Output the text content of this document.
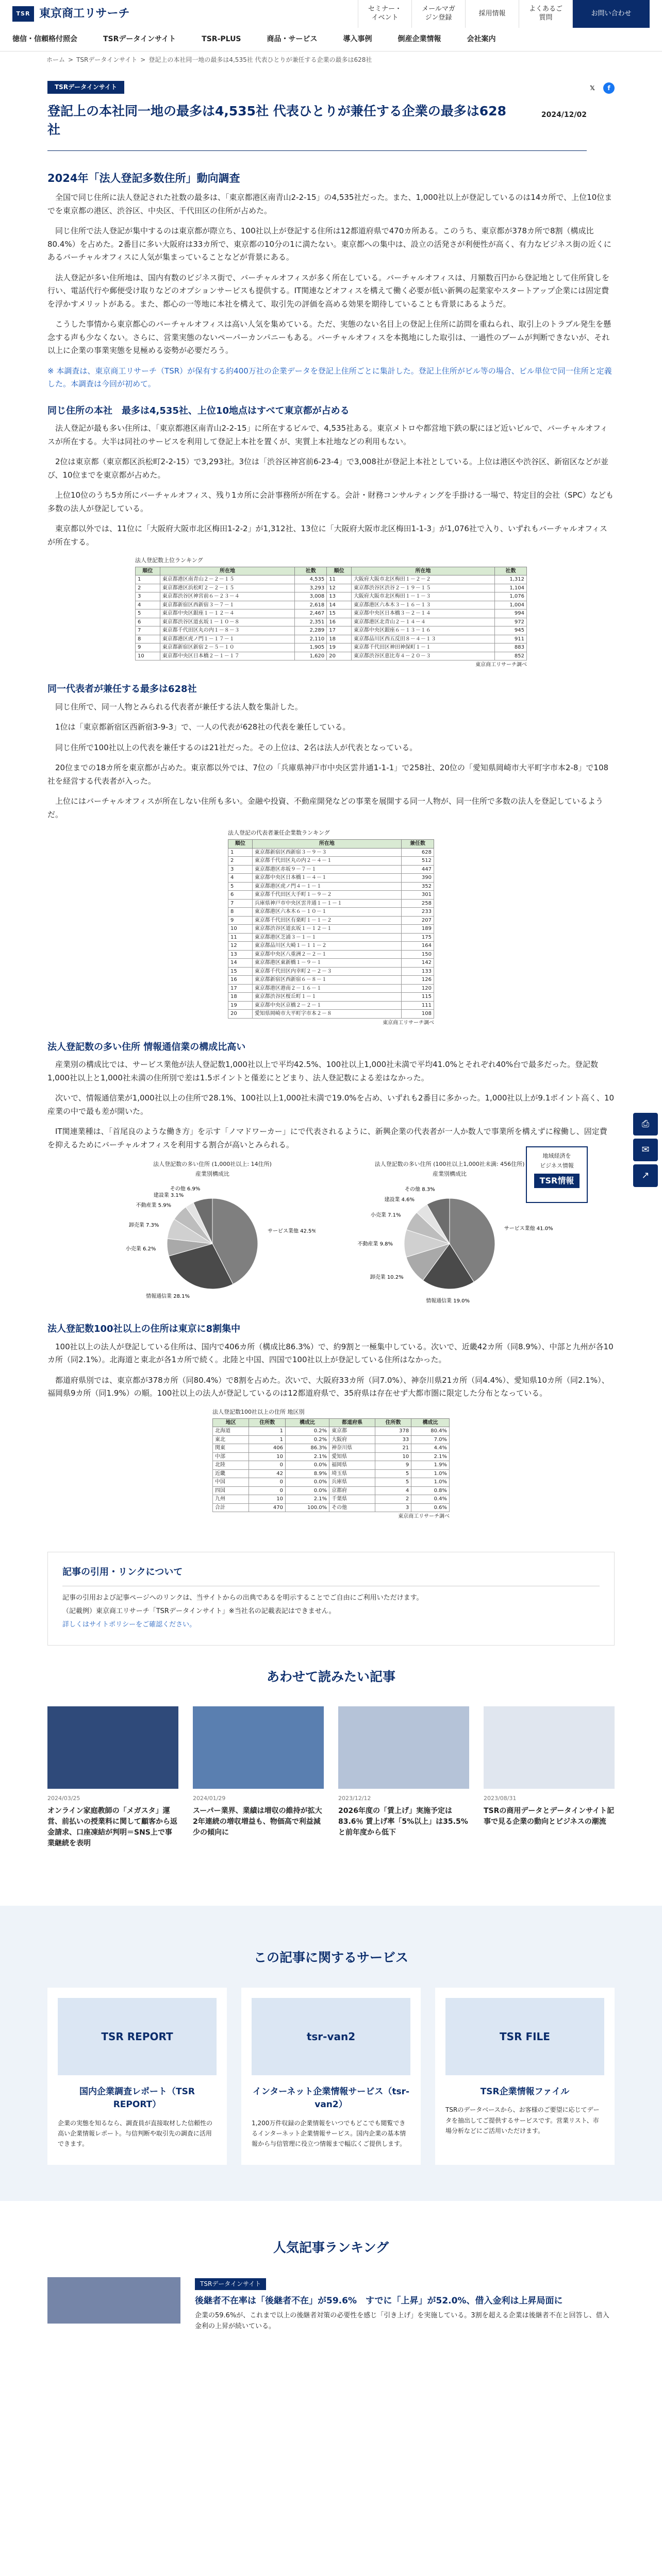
TSR 東京商工リサーチ	セミナー・イベント
メールマガジン登録
採用情報
よくあるご質問
お問い合わせ
徳信・信頼格付照会	TSRデータインサイト	TSR-PLUS	商品・サービス	導入事例	倒産企業情報	会社案内
ホーム > TSRデータインサイト > 登記上の本社同一地の最多は4,535社 代表ひとりが兼任する企業の最多は628社
TSRデータインサイト	𝕏	f
登記上の本社同一地の最多は4,535社 代表ひとりが兼任する企業の最多は628社
2024/12/02
2024年「法人登記多数住所」動向調査

全国で同じ住所に法人登記された社数の最多は、「東京都港区南青山2-2-15」の4,535社だった。また、1,000社以上が登記しているのは14カ所で、上位10位までを東京都の港区、渋谷区、中央区、千代田区の住所が占めた。

同じ住所で法人登記が集中するのは東京都が際立ち、100社以上が登記する住所は12都道府県で470カ所ある。このうち、東京都が378カ所で8割（構成比80.4%）を占めた。2番目に多い大阪府は33カ所で、東京都の10分の1に満たない。東京都への集中は、設立の活発さが利便性が高く、有力なビジネス街の近くにあるバーチャルオフィスに人気が集まっていることなどが背景にある。

法人登記が多い住所地は、国内有数のビジネス街で、バーチャルオフィスが多く所在している。バーチャルオフィスは、月額数百円から登記地として住所貸しを行い、電話代行や郵便受け取りなどのオプションサービスも提供する。IT関連などオフィスを構えて働く必要が低い新興の起業家やスタートアップ企業には固定費を浮かすメリットがある。また、都心の一等地に本社を構えて、取引先の評価を高める効果を期待していることも背景にあるようだ。

こうした事情から東京都心のバーチャルオフィスは高い人気を集めている。ただ、実態のない名目上の登記上住所に訪問を重ねられ、取引上のトラブル発生を懸念する声も少なくない。さらに、営業実態のないペーパーカンパニーもある。バーチャルオフィスを本拠地にした取引は、一過性のブームが判断できないが、それ以上に企業の事業実態を見極める姿勢が必要だろう。

※ 本調査は、東京商工リサーチ（TSR）が保有する約400万社の企業データを登記上住所ごとに集計した。登記上住所がビル等の場合、ビル単位で同一住所と定義した。本調査は今回が初めて。
同じ住所の本社　最多は4,535社、上位10地点はすべて東京都が占める

法人登記が最も多い住所は、「東京都港区南青山2-2-15」に所在するビルで、4,535社ある。東京メトロや都営地下鉄の駅にほど近いビルで、バーチャルオフィスが所在する。大半は同社のサービスを利用して登記上本社を置くが、実質上本社地などの利用もない。

2位は東京都（東京都区浜松町2-2-15）で3,293社。3位は「渋谷区神宮前6-23-4」で3,008社が登記上本社としている。上位は港区や渋谷区、新宿区などが並び、10位までを東京都が占めた。

上位10位のうち5カ所にバーチャルオフィス、残り1カ所に会計事務所が所在する。会計・財務コンサルティングを手掛ける一場で、特定目的会社（SPC）なども多数の法人が登記している。

東京都以外では、11位に「大阪府大阪市北区梅田1-2-2」が1,312社、13位に「大阪府大阪市北区梅田1-1-3」が1,076社で入り、いずれもバーチャルオフィスが所在する。

法人登記数上位ランキング
順位	所在地	社数	順位	所在地	社数
1	東京都港区南青山２－２－１５	4,535	11	大阪府大阪市北区梅田１－２－２	1,312
2	東京都港区浜松町２－２－１５	3,293	12	東京都渋谷区渋谷２－１９－１５	1,104
3	東京都渋谷区神宮前６－２３－４	3,008	13	大阪府大阪市北区梅田１－１－３	1,076
4	東京都新宿区西新宿３－７－１	2,618	14	東京都港区六本木３－１６－１３	1,004
5	東京都中央区銀座１－１２－４	2,467	15	東京都中央区日本橋３－２－１４	994
6	東京都渋谷区道玄坂１－１０－８	2,351	16	東京都港区北青山２－１４－４	972
7	東京都千代田区丸の内１－８－３	2,289	17	東京都中央区銀座６－１３－１６	945
8	東京都港区虎ノ門１－１７－１	2,110	18	東京都品川区西五反田８－４－１３	911
9	東京都新宿区新宿２－５－１０	1,905	19	東京都千代田区神田神保町１－１	883
10	東京都中央区日本橋２－１－１７	1,620	20	東京都渋谷区恵比寿４－２０－３	852
東京商工リサーチ調べ
同一代表者が兼任する最多は628社

同じ住所で、同一人物とみられる代表者が兼任する法人数を集計した。

1位は「東京都新宿区西新宿3-9-3」で、一人の代表が628社の代表を兼任している。

同じ住所で100社以上の代表を兼任するのは21社だった。その上位は、2名は法人が代表となっている。

20位までの18カ所を東京都が占めた。東京都以外では、7位の「兵庫県神戸市中央区雲井通1-1-1」で258社、20位の「愛知県岡崎市大平町字市本2-8」で108社を経営する代表者が入った。

上位にはバーチャルオフィスが所在しない住所も多い。金融や投資、不動産開発などの事業を展開する同一人物が、同一住所で多数の法人を登記しているようだ。

法人登記の代表者兼任企業数ランキング
順位	所在地	兼任数
1	東京都新宿区西新宿３－９－３	628
2	東京都千代田区丸の内２－４－１	512
3	東京都港区赤坂９－７－１	447
4	東京都中央区日本橋１－４－１	390
5	東京都港区虎ノ門４－１－１	352
6	東京都千代田区大手町１－９－２	301
7	兵庫県神戸市中央区雲井通１－１－１	258
8	東京都港区六本木６－１０－１	233
9	東京都千代田区有楽町１－１－２	207
10	東京都渋谷区道玄坂１－１２－１	189
11	東京都港区芝浦３－１－１	175
12	東京都品川区大崎１－１１－２	164
13	東京都中央区八重洲２－２－１	150
14	東京都港区東新橋１－９－１	142
15	東京都千代田区内幸町２－２－３	133
16	東京都新宿区西新宿６－８－１	126
17	東京都港区港南２－１６－１	120
18	東京都渋谷区桜丘町１－１	115
19	東京都中央区京橋２－２－１	111
20	愛知県岡崎市大平町字市本２－８	108
東京商工リサーチ調べ
法人登記数の多い住所 情報通信業の構成比高い

産業別の構成比では、サービス業他が法人登記数1,000社以上で平均42.5%、100社以上1,000社未満で平均41.0%とそれぞれ40%台で最多だった。登記数1,000社以上と1,000社未満の住所別で差は1.5ポイントと僅差にとどまり、法人登記数による差はなかった。

次いで、情報通信業が1,000社以上の住所で28.1%、100社以上1,000社未満で19.0%を占め、いずれも2番目に多かった。1,000社以上が9.1ポイント高く、10産業の中で最も差が開いた。

IT関連業種は、「首尾良のような働き方」を示す「ノマドワーカー」にで代表されるように、新興企業の代表者が一人か数人で事業所を構えずに稼働し、固定費を抑えるためにバーチャルオフィスを利用する割合が高いとみられる。

法人登記数の多い住所 (1,000社以上: 14住所)
産業別構成比
サービス業他 42.5%
情報通信業 28.1%
小売業 6.2%
卸売業 7.3%
不動産業 5.9%
建設業 3.1%
その他 6.9%
法人登記数の多い住所 (100社以上1,000社未満: 456住所)
産業別構成比
サービス業他 41.0%
情報通信業 19.0%
卸売業 10.2%
不動産業 9.8%
小売業 7.1%
建設業 4.6%
その他 8.3%
法人登記数100社以上の住所は東京に8割集中

100社以上の法人が登記している住所は、国内で406カ所（構成比86.3%）で、約9割と一極集中している。次いで、近畿42カ所（同8.9%）、中部と九州が各10カ所（同2.1%）。北海道と東北が各1カ所で続く。北陸と中国、四国で100社以上が登記している住所はなかった。

都道府県別では、東京都が378カ所（同80.4%）で8割を占めた。次いで、大阪府33カ所（同7.0%）、神奈川県21カ所（同4.4%）、愛知県10カ所（同2.1%）、福岡県9カ所（同1.9%）の順。100社以上の法人が登記しているのは12都道府県で、35府県は存在せず大都市圏に限定した分布となっている。

法人登記数100社以上の住所 地区別
地区	住所数	構成比	都道府県	住所数	構成比
北海道	1	0.2%	東京都	378	80.4%
東北	1	0.2%	大阪府	33	7.0%
関東	406	86.3%	神奈川県	21	4.4%
中部	10	2.1%	愛知県	10	2.1%
北陸	0	0.0%	福岡県	9	1.9%
近畿	42	8.9%	埼玉県	5	1.0%
中国	0	0.0%	兵庫県	5	1.0%
四国	0	0.0%	京都府	4	0.8%
九州	10	2.1%	千葉県	2	0.4%
合計	470	100.0%	その他	3	0.6%
東京商工リサーチ調べ
記事の引用・リンクについて

記事の引用および記事ページへのリンクは、当サイトからの出典であるを明示することでご自由にご利用いただけます。

（記載例）東京商工リサーチ「TSRデータインサイト」※当社名の記載表記はできません。

詳しくはサイトポリシーをご確認ください。

あわせて読みたい記事
2024/03/25
オンライン家庭教師の「メガスタ」運営、前払いの授業料に関して顧客から返金請求、口座凍結が判明＝SNS上で事業継続を表明
2024/01/29
スーパー業界、業績は増収の維持が拡大　2年連続の増収増益も、物価高で利益減少の傾向に
2023/12/12
2026年度の「賃上げ」実施予定は83.6％ 賃上げ率「5%以上」は35.5%と前年度から低下
2023/08/31
TSRの商用データとデータインサイト記事で見る企業の動向とビジネスの潮流
この記事に関するサービス
TSR REPORT
国内企業調査レポート（TSR REPORT）
企業の実態を知るなら、調査員が直接取材した信頼性の高い企業情報レポート。与信判断や取引先の調査に活用できます。
tsr-van2
インターネット企業情報サービス（tsr-van2）
1,200万件収録の企業情報をいつでもどこでも閲覧できるインターネット企業情報サービス。国内企業の基本情報から与信管理に役立つ情報まで幅広くご提供します。
TSR FILE
TSR企業情報ファイル
TSRのデータベースから、お客様のご要望に応じてデータを抽出してご提供するサービスです。営業リスト、市場分析などにご活用いただけます。
人気記事ランキング
TSRデータインサイト
後継者不在率は「後継者不在」が59.6%　すでに「上昇」が52.0%、借入金利は上昇局面に
企業の59.6%が、これまで以上の後継者対策の必要性を感じ「引き上げ」を実施している。3割を超える企業は後継者不在と回答し、借入金利の上昇が続いている。
地域経済を
ビジネス情報
TSR情報
⎙
✉
↗
